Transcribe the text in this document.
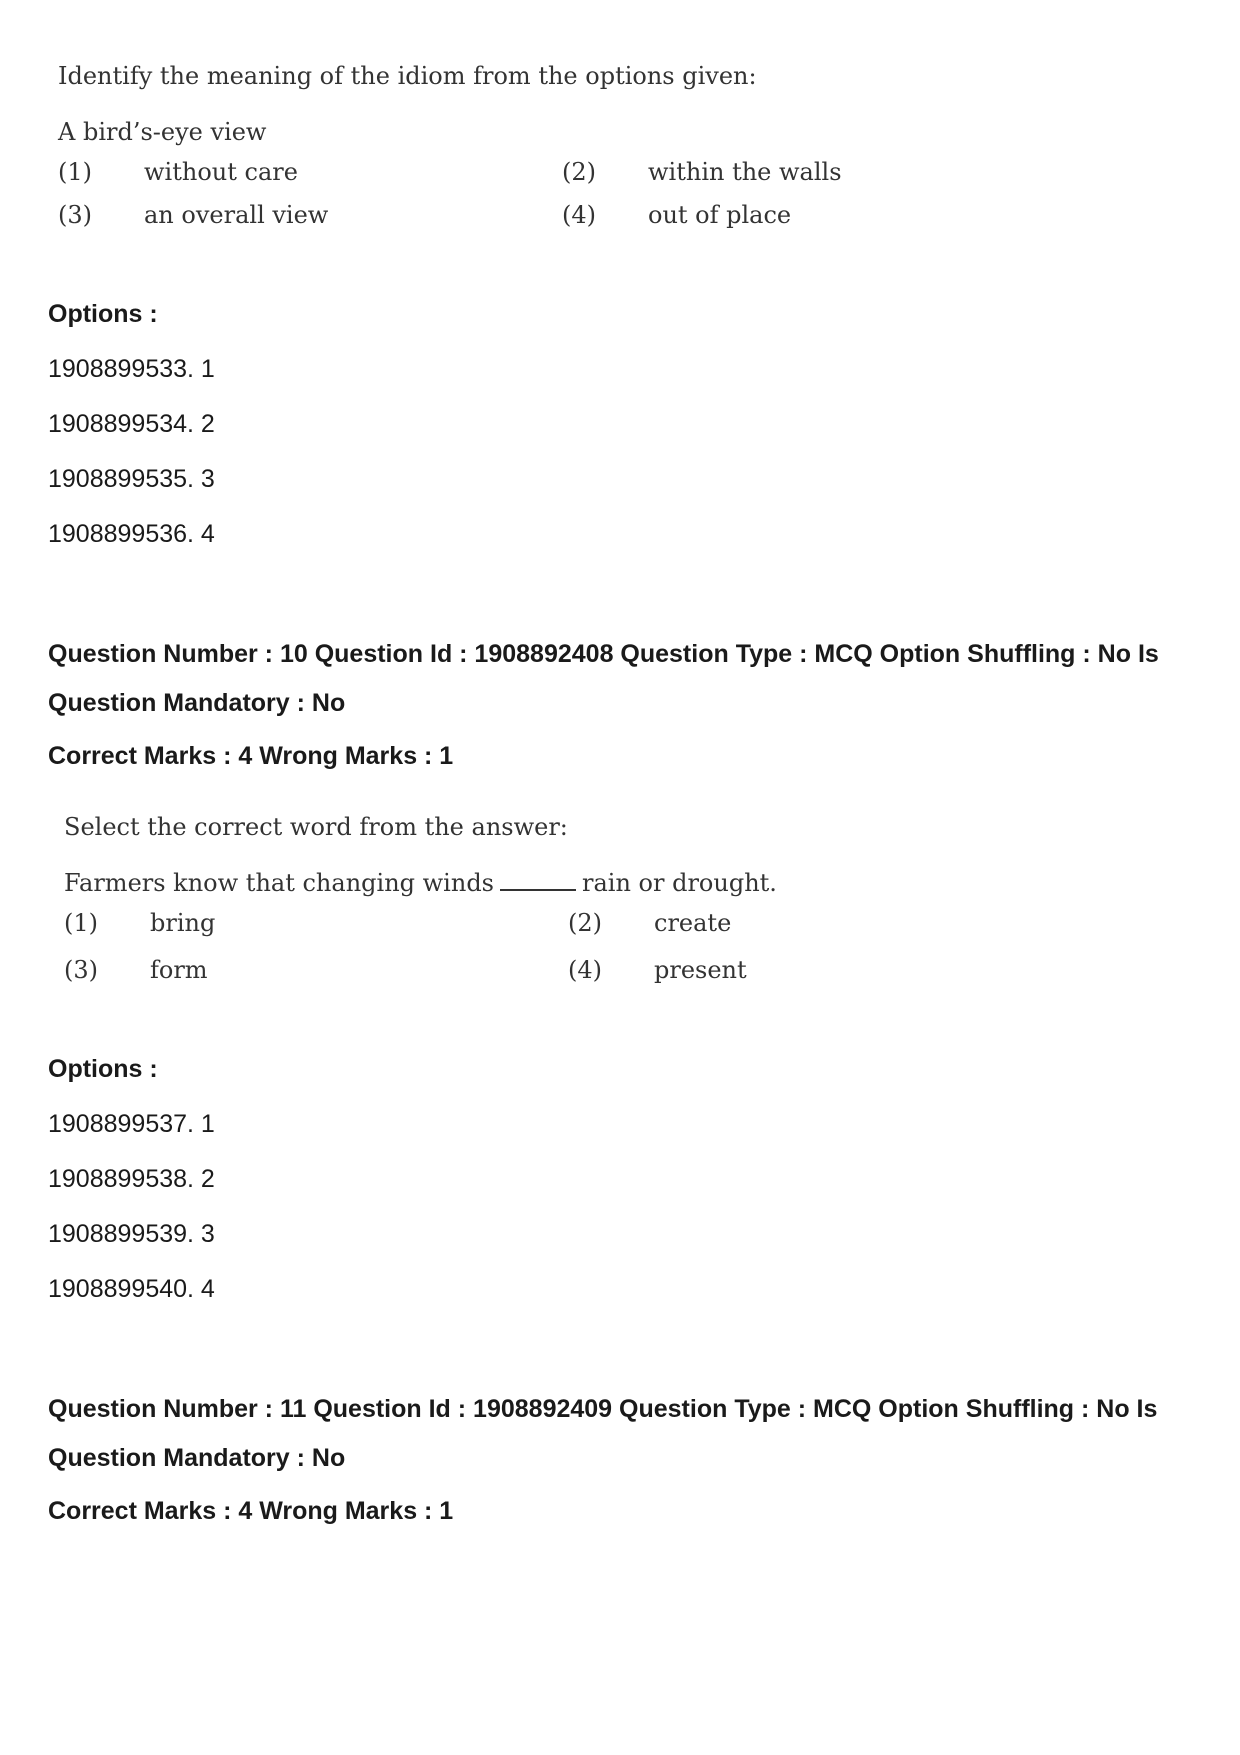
Identify the meaning of the idiom from the options given:

A bird’s-eye view

(1) without care	(2) within the walls
(3) an overall view	(4) out of place

Options :

1908899533. 1

1908899534. 2

1908899535. 3

1908899536. 4

Question Number : 10 Question Id : 1908892408 Question Type : MCQ Option Shuffling : No Is Question Mandatory : No

Correct Marks : 4 Wrong Marks : 1

Select the correct word from the answer:

Farmers know that changing winds	rain or drought.

(1) bring	(2) create
(3) form	(4) present

Options :

1908899537. 1

1908899538. 2

1908899539. 3

1908899540. 4

Question Number : 11 Question Id : 1908892409 Question Type : MCQ Option Shuffling : No Is Question Mandatory : No

Correct Marks : 4 Wrong Marks : 1
